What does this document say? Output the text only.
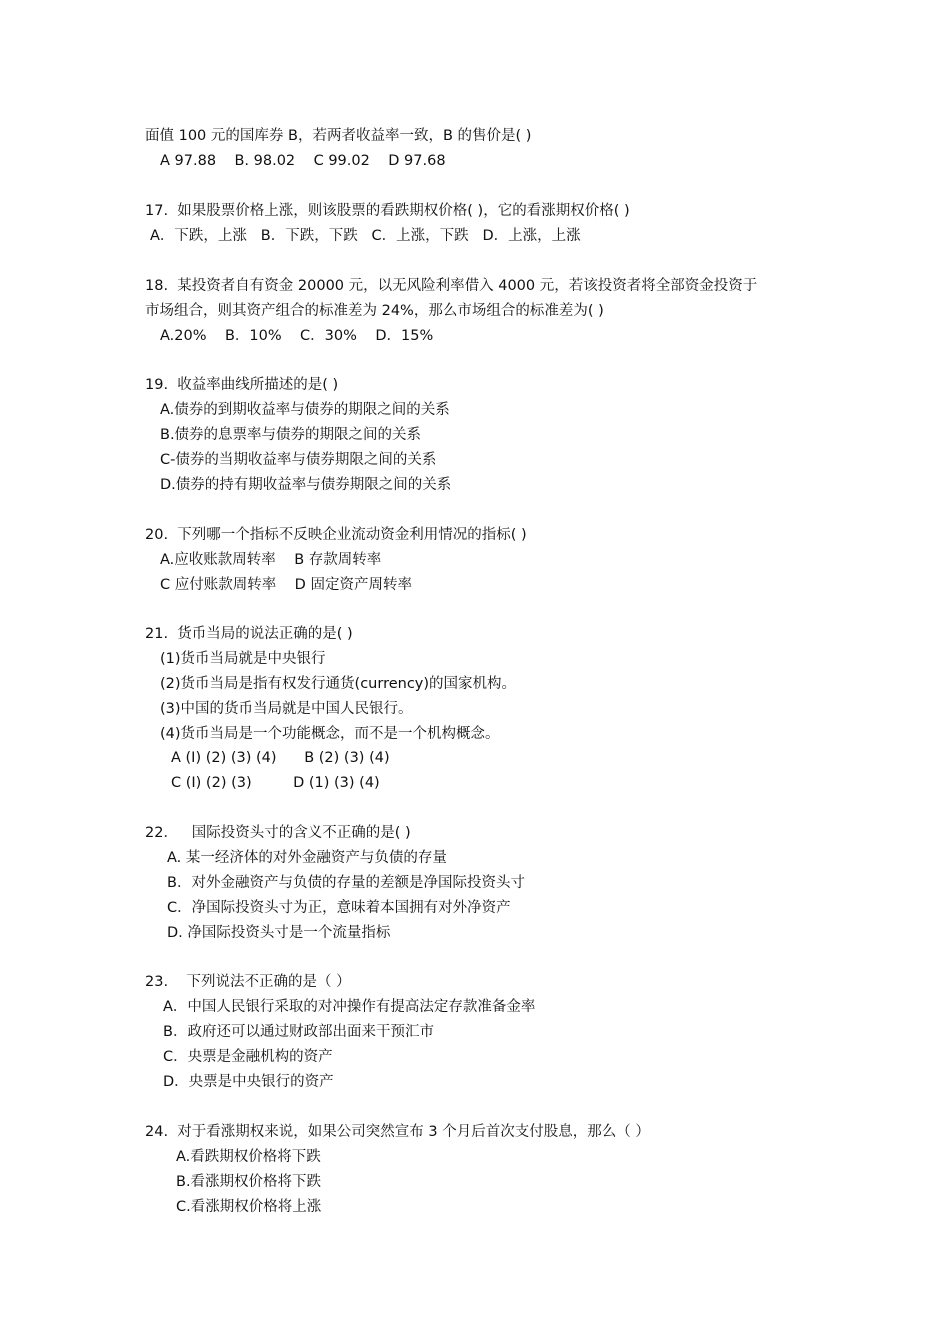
面值 100 元的国库券 B，若两者收益率一致，B 的售价是( )
A 97.88    B. 98.02    C 99.02    D 97.68
17.  如果股票价格上涨，则该股票的看跌期权价格( )，它的看涨期权价格( )
A．下跌，上涨   B．下跌，下跌   C．上涨，下跌   D．上涨，上涨
18.  某投资者自有资金 20000 元，以无风险利率借入 4000 元，若该投资者将全部资金投资于
市场组合，则其资产组合的标准差为 24%，那么市场组合的标准差为( )
A.20%    B．10%    C．30%    D．15%
19.  收益率曲线所描述的是( )
A.债券的到期收益率与债券的期限之间的关系
B.债券的息票率与债券的期限之间的关系
C-债券的当期收益率与债券期限之间的关系
D.债券的持有期收益率与债券期限之间的关系
20.  下列哪一个指标不反映企业流动资金利用情况的指标( )
A.应收账款周转率    B 存款周转率
C 应付账款周转率    D 固定资产周转率
21.  货币当局的说法正确的是( )
(1)货币当局就是中央银行
(2)货币当局是指有权发行通货(currency)的国家机构。
(3)中国的货币当局就是中国人民银行。
(4)货币当局是一个功能概念，而不是一个机构概念。
A (I) (2) (3) (4)      B (2) (3) (4)
C (I) (2) (3)         D (1) (3) (4)
22．   国际投资头寸的含义不正确的是( )
A. 某一经济体的对外金融资产与负债的存量
B．对外金融资产与负债的存量的差额是净国际投资头寸
C．净国际投资头寸为正，意味着本国拥有对外净资产
D. 净国际投资头寸是一个流量指标
23.    下列说法不正确的是（ ）
A．中国人民银行采取的对冲操作有提高法定存款准备金率
B．政府还可以通过财政部出面来干预汇市
C．央票是金融机构的资产
D．央票是中央银行的资产
24.  对于看涨期权来说，如果公司突然宣布 3 个月后首次支付股息，那么（ ）
A.看跌期权价格将下跌
B.看涨期权价格将下跌
C.看涨期权价格将上涨
